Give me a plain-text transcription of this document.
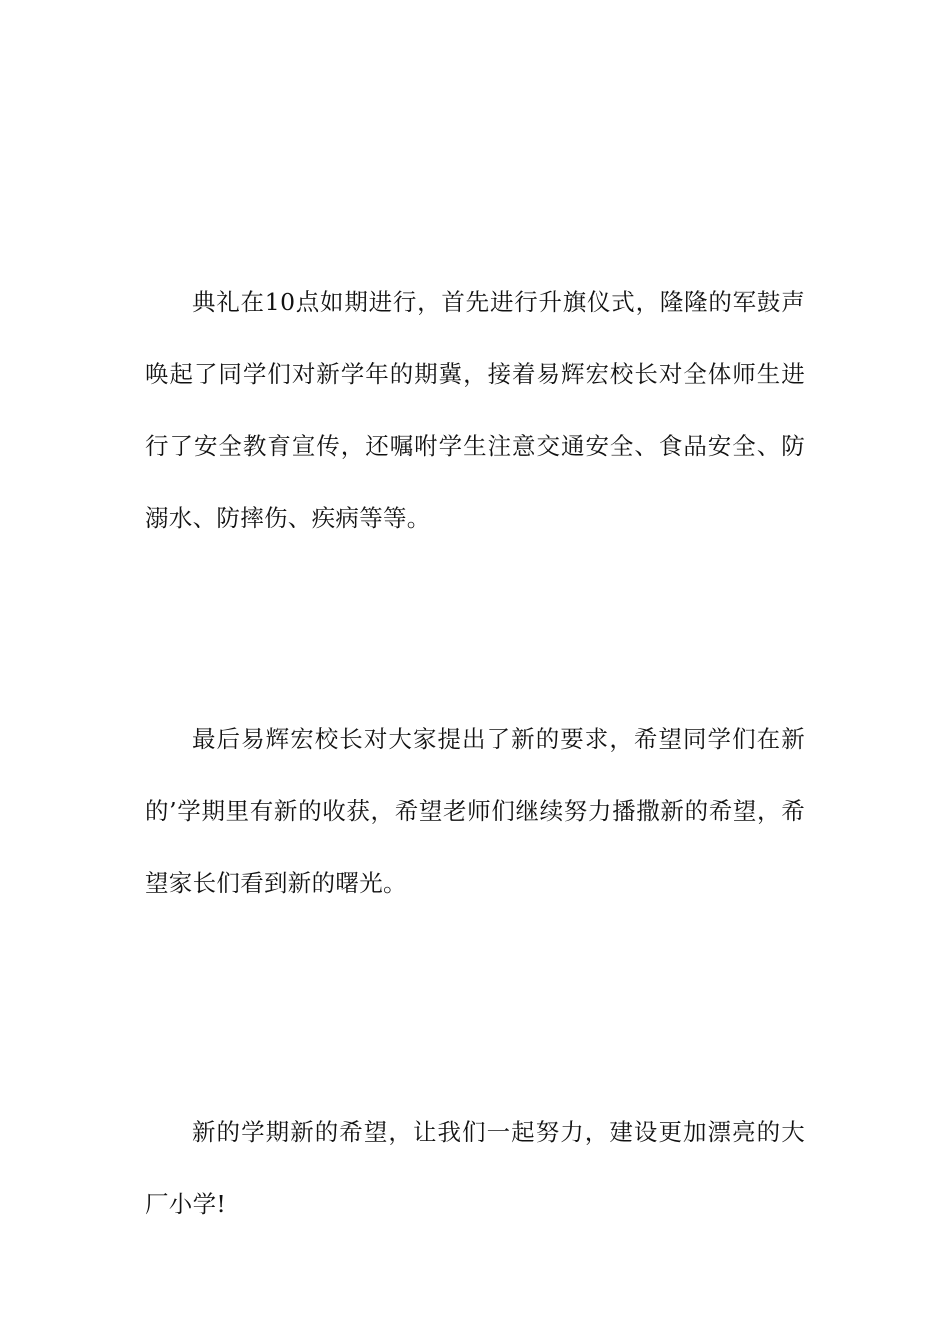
典礼在10点如期进行，首先进行升旗仪式，隆隆的军鼓声唤起了同学们对新学年的期冀，接着易辉宏校长对全体师生进行了安全教育宣传，还嘱咐学生注意交通安全、食品安全、防溺水、防摔伤、疾病等等。

最后易辉宏校长对大家提出了新的要求，希望同学们在新的’学期里有新的收获，希望老师们继续努力播撒新的希望，希望家长们看到新的曙光。

新的学期新的希望，让我们一起努力，建设更加漂亮的大厂小学!
